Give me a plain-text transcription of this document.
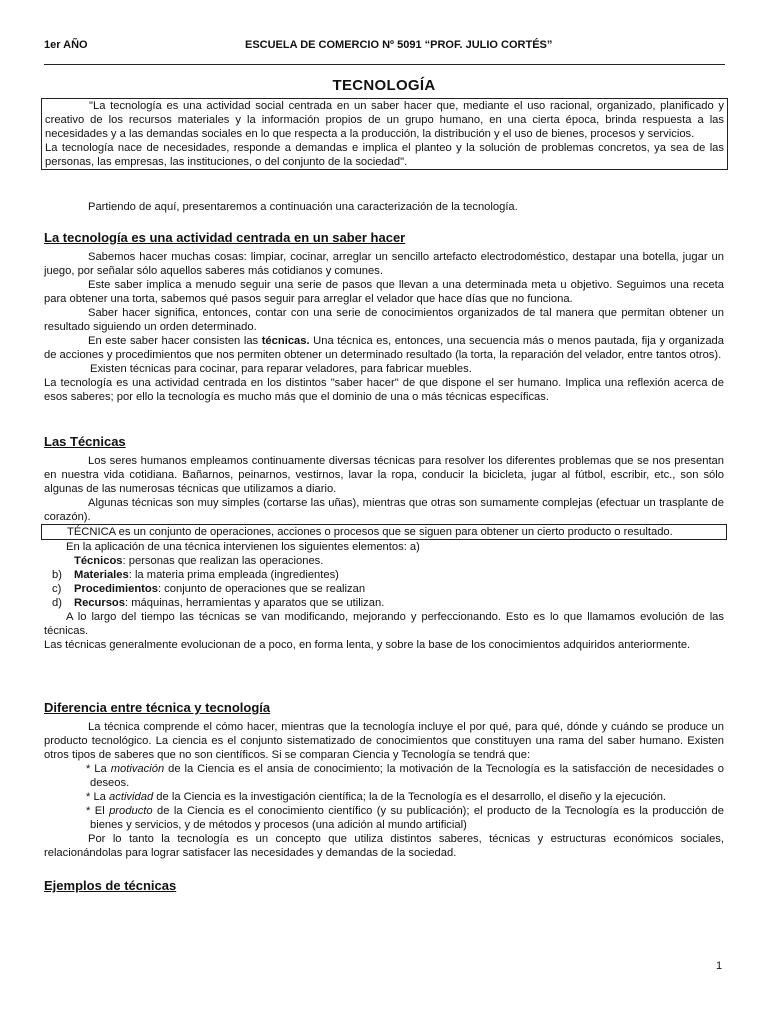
1er AÑO	ESCUELA DE COMERCIO Nº 5091 “PROF. JULIO CORTÉS”
TECNOLOGÍA

"La tecnología es una actividad social centrada en un saber hacer que, mediante el uso racional, organizado, planificado y creativo de los recursos materiales y la información propios de un grupo humano, en una cierta época, brinda respuesta a las necesidades y a las demandas sociales en lo que respecta a la producción, la distribución y el uso de bienes, procesos y servicios.

La tecnología nace de necesidades, responde a demandas e implica el planteo y la solución de problemas concretos, ya sea de las personas, las empresas, las instituciones, o del conjunto de la sociedad".

Partiendo de aquí, presentaremos a continuación una caracterización de la tecnología.

La tecnología es una actividad centrada en un saber hacer

Sabemos hacer muchas cosas: limpiar, cocinar, arreglar un sencillo artefacto electrodoméstico, destapar una botella, jugar un juego, por señalar sólo aquellos saberes más cotidianos y comunes.

Este saber implica a menudo seguir una serie de pasos que llevan a una determinada meta u objetivo. Seguimos una receta para obtener una torta, sabemos qué pasos seguir para arreglar el velador que hace días que no funciona.

Saber hacer significa, entonces, contar con una serie de conocimientos organizados de tal manera que permitan obtener un resultado siguiendo un orden determinado.

En este saber hacer consisten las técnicas. Una técnica es, entonces, una secuencia más o menos pautada, fija y organizada de acciones y procedimientos que nos permiten obtener un determinado resultado (la torta, la reparación del velador, entre tantos otros).

Existen técnicas para cocinar, para reparar veladores, para fabricar muebles.

La tecnología es una actividad centrada en los distintos "saber hacer" de que dispone el ser humano. Implica una reflexión acerca de esos saberes; por ello la tecnología es mucho más que el dominio de una o más técnicas específicas.

Las Técnicas

Los seres humanos empleamos continuamente diversas técnicas para resolver los diferentes problemas que se nos presentan en nuestra vida cotidiana. Bañarnos, peinarnos, vestirnos, lavar la ropa, conducir la bicicleta, jugar al fútbol, escribir, etc., son sólo algunas de las numerosas técnicas que utilizamos a diario.

Algunas técnicas son muy simples (cortarse las uñas), mientras que otras son sumamente complejas (efectuar un trasplante de corazón).

TÉCNICA es un conjunto de operaciones, acciones o procesos que se siguen para obtener un cierto producto o resultado.

En la aplicación de una técnica intervienen los siguientes elementos: a)

Técnicos: personas que realizan las operaciones.

b) Materiales: la materia prima empleada (ingredientes)

c) Procedimientos: conjunto de operaciones que se realizan

d) Recursos: máquinas, herramientas y aparatos que se utilizan.

A lo largo del tiempo las técnicas se van modificando, mejorando y perfeccionando. Esto es lo que llamamos evolución de las técnicas.

Las técnicas generalmente evolucionan de a poco, en forma lenta, y sobre la base de los conocimientos adquiridos anteriormente.

Diferencia entre técnica y tecnología

La técnica comprende el cómo hacer, mientras que la tecnología incluye el por qué, para qué, dónde y cuándo se produce un producto tecnológico. La ciencia es el conjunto sistematizado de conocimientos que constituyen una rama del saber humano. Existen otros tipos de saberes que no son científicos. Si se comparan Ciencia y Tecnología se tendrá que:

* La motivación de la Ciencia es el ansia de conocimiento; la motivación de la Tecnología es la satisfacción de necesidades o deseos.

* La actividad de la Ciencia es la investigación científica; la de la Tecnología es el desarrollo, el diseño y la ejecución.

* El producto de la Ciencia es el conocimiento científico (y su publicación); el producto de la Tecnología es la producción de bienes y servicios, y de métodos y procesos (una adición al mundo artificial)

Por lo tanto la tecnología es un concepto que utiliza distintos saberes, técnicas y estructuras económicos sociales, relacionándolas para lograr satisfacer las necesidades y demandas de la sociedad.

Ejemplos de técnicas
1
